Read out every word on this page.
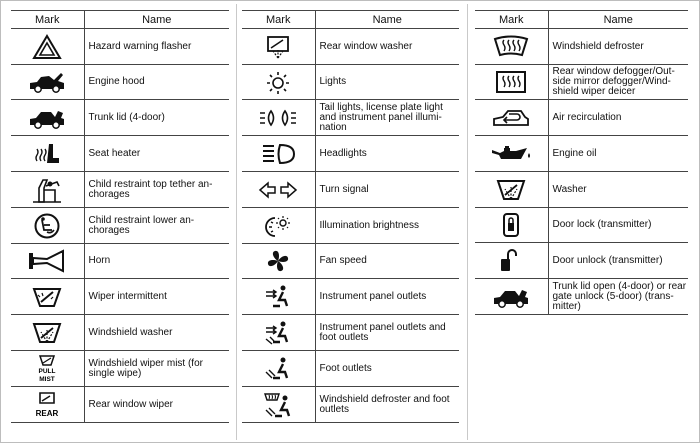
Mark	Name

	Hazard warning flasher

	Engine hood

	Trunk lid (4-door)

	Seat heater

	Child restraint top tether an-
chorages

	Child restraint lower an-
chorages

	Horn

	Wiper intermittent

	Windshield washer

PULL
MIST	Windshield wiper mist (for
single wipe)

REAR	Rear window wiper
Mark	Name

	Rear window washer

	Lights

	Tail lights, license plate light
and instrument panel illumi-
nation

	Headlights

	Turn signal

	Illumination brightness

	Fan speed

	Instrument panel outlets

	Instrument panel outlets and
foot outlets

	Foot outlets

	Windshield defroster and foot
outlets
Mark	Name

	Windshield defroster

	Rear window defogger/Out-
side mirror defogger/Wind-
shield wiper deicer

	Air recirculation

	Engine oil

	Washer

	Door lock (transmitter)

	Door unlock (transmitter)

	Trunk lid open (4-door) or rear
gate unlock (5-door) (trans-
mitter)
